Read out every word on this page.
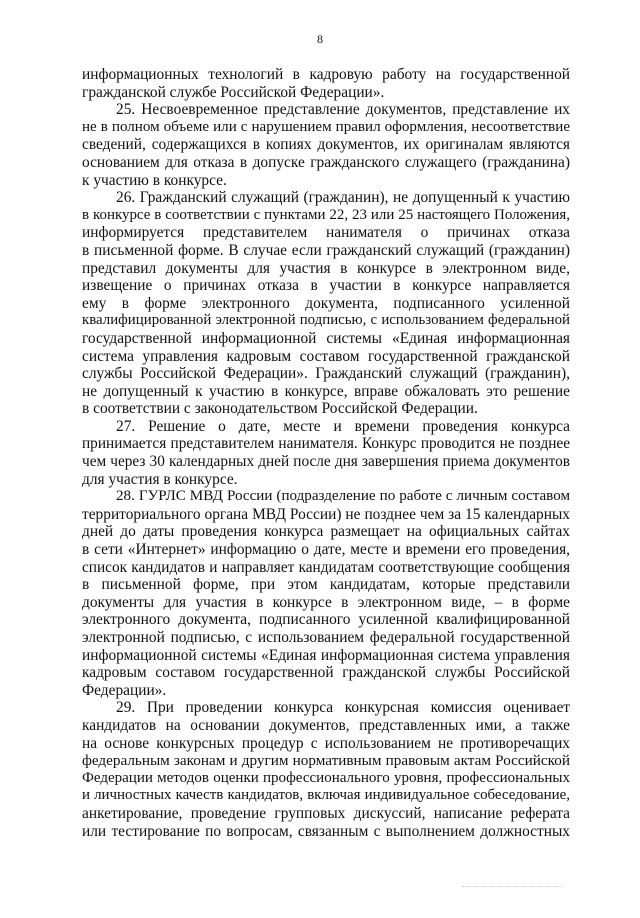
8
информационных технологий в кадровую работу на государственной
гражданской службе Российской Федерации».
25. Несвоевременное представление документов, представление их
не в полном объеме или с нарушением правил оформления, несоответствие
сведений, содержащихся в копиях документов, их оригиналам являются
основанием для отказа в допуске гражданского служащего (гражданина)
к участию в конкурсе.
26. Гражданский служащий (гражданин), не допущенный к участию
в конкурсе в соответствии с пунктами 22, 23 или 25 настоящего Положения,
информируется представителем нанимателя о причинах отказа
в письменной форме. В случае если гражданский служащий (гражданин)
представил документы для участия в конкурсе в электронном виде,
извещение о причинах отказа в участии в конкурсе направляется
ему в форме электронного документа, подписанного усиленной
квалифицированной электронной подписью, с использованием федеральной
государственной информационной системы «Единая информационная
система управления кадровым составом государственной гражданской
службы Российской Федерации». Гражданский служащий (гражданин),
не допущенный к участию в конкурсе, вправе обжаловать это решение
в соответствии с законодательством Российской Федерации.
27. Решение о дате, месте и времени проведения конкурса
принимается представителем нанимателя. Конкурс проводится не позднее
чем через 30 календарных дней после дня завершения приема документов
для участия в конкурсе.
28. ГУРЛС МВД России (подразделение по работе с личным составом
территориального органа МВД России) не позднее чем за 15 календарных
дней до даты проведения конкурса размещает на официальных сайтах
в сети «Интернет» информацию о дате, месте и времени его проведения,
список кандидатов и направляет кандидатам соответствующие сообщения
в письменной форме, при этом кандидатам, которые представили
документы для участия в конкурсе в электронном виде, – в форме
электронного документа, подписанного усиленной квалифицированной
электронной подписью, с использованием федеральной государственной
информационной системы «Единая информационная система управления
кадровым составом государственной гражданской службы Российской
Федерации».
29. При проведении конкурса конкурсная комиссия оценивает
кандидатов на основании документов, представленных ими, а также
на основе конкурсных процедур с использованием не противоречащих
федеральным законам и другим нормативным правовым актам Российской
Федерации методов оценки профессионального уровня, профессиональных
и личностных качеств кандидатов, включая индивидуальное собеседование,
анкетирование, проведение групповых дискуссий, написание реферата
или тестирование по вопросам, связанным с выполнением должностных
